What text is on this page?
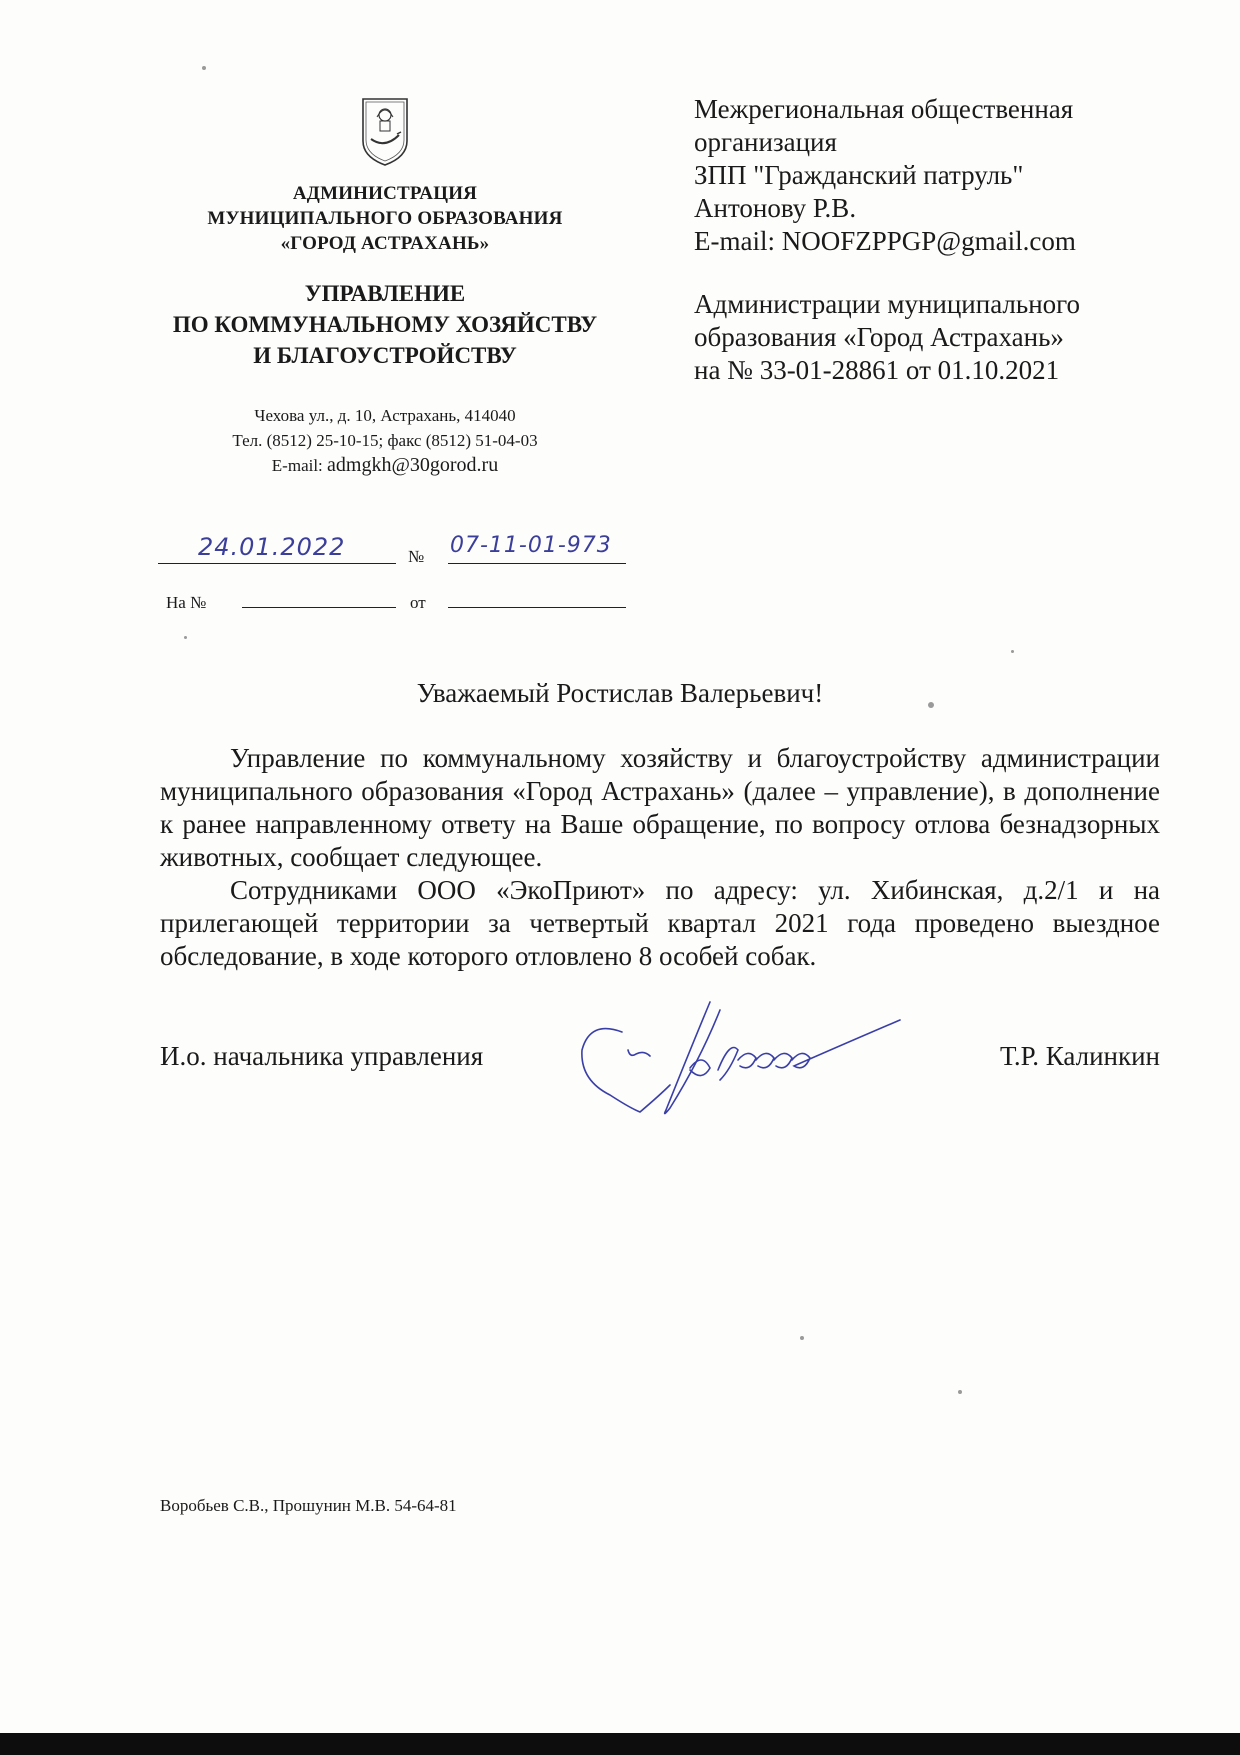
АДМИНИСТРАЦИЯ
МУНИЦИПАЛЬНОГО ОБРАЗОВАНИЯ
«ГОРОД АСТРАХАНЬ»
УПРАВЛЕНИЕ
ПО КОММУНАЛЬНОМУ ХОЗЯЙСТВУ
И БЛАГОУСТРОЙСТВУ
Чехова ул., д. 10, Астрахань, 414040
Тел. (8512) 25-10-15; факс (8512) 51-04-03
E-mail: admgkh@30gorod.ru
24.01.2022	№ 07-11-01-973
На №	от
Межрегиональная общественная
организация
ЗПП "Гражданский патруль"
Антонову Р.В.
E-mail: NOOFZPPGP@gmail.com
Администрации муниципального
образования «Город Астрахань»
на № 33-01-28861 от 01.10.2021
Уважаемый Ростислав Валерьевич!

Управление по коммунальному хозяйству и благоустройству администрации муниципального образования «Город Астрахань» (далее – управление), в дополнение к ранее направленному ответу на Ваше обращение, по вопросу отлова безнадзорных животных, сообщает следующее.

Сотрудниками ООО «ЭкоПриют» по адресу: ул. Хибинская, д.2/1 и на прилегающей территории за четвертый квартал 2021 года проведено выездное обследование, в ходе которого отловлено 8 особей собак.

И.о. начальника управления	Т.Р. Калинкин
Воробьев С.В., Прошунин М.В. 54-64-81
